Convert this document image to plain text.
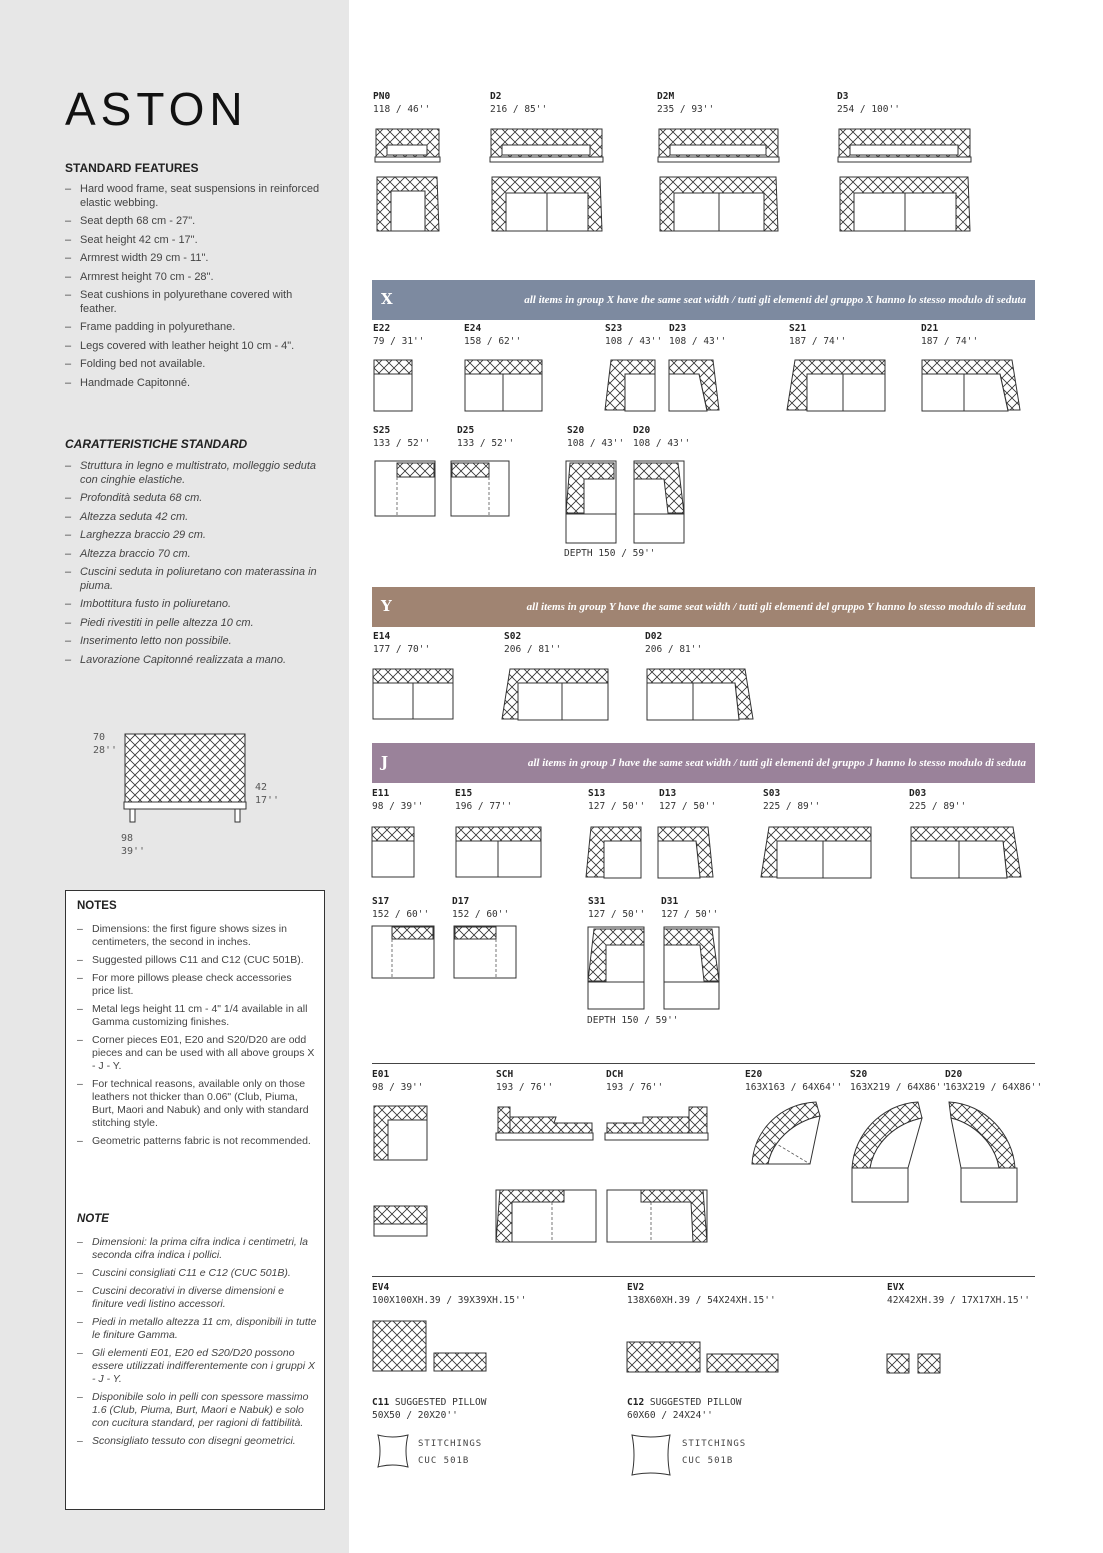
ASTON
STANDARD FEATURES
– Hard wood frame, seat suspensions in reinforced elastic webbing.
– Seat depth 68 cm - 27".
– Seat height 42 cm - 17".
– Armrest width 29 cm - 11".
– Armrest height 70 cm - 28".
– Seat cushions in polyurethane covered with feather.
– Frame padding in polyurethane.
– Legs covered with leather height 10 cm - 4".
– Folding bed not available.
– Handmade Capitonné.
CARATTERISTICHE STANDARD
– Struttura in legno e multistrato, molleggio seduta con cinghie elastiche.
– Profondità seduta 68 cm.
– Altezza seduta 42 cm.
– Larghezza braccio 29 cm.
– Altezza braccio 70 cm.
– Cuscini seduta in poliuretano con materassina in piuma.
– Imbottitura fusto in poliuretano.
– Piedi rivestiti in pelle altezza 10 cm.
– Inserimento letto non possibile.
– Lavorazione Capitonné realizzata a mano.
70
28''
42
17''
98
39''
NOTES
– Dimensions: the first figure shows sizes in centimeters, the second in inches.
– Suggested pillows C11 and C12 (CUC 501B).
– For more pillows please check accessories price list.
– Metal legs height 11 cm - 4" 1/4 available in all Gamma customizing finishes.
– Corner pieces E01, E20 and S20/D20 are odd pieces and can be used with all above groups X - J - Y.
– For technical reasons, available only on those leathers not thicker than 0.06" (Club, Piuma, Burt, Maori and Nabuk) and only with standard stitching style.
– Geometric patterns fabric is not recommended.
NOTE
– Dimensioni: la prima cifra indica i centimetri, la seconda cifra indica i pollici.
– Cuscini consigliati C11 e C12 (CUC 501B).
– Cuscini decorativi in diverse dimensioni e finiture vedi listino accessori.
– Piedi in metallo altezza 11 cm, disponibili in tutte le finiture Gamma.
– Gli elementi E01, E20 ed S20/D20 possono essere utilizzati indifferentemente con i gruppi X - J - Y.
– Disponibile solo in pelli con spessore massimo 1.6 (Club, Piuma, Burt, Maori e Nabuk) e solo con cucitura standard, per ragioni di fattibilità.
– Sconsigliato tessuto con disegni geometrici.
PN0
118 / 46''
D2
216 / 85''
D2M
235 / 93''
D3
254 / 100''
X	all items in group X have the same seat width / tutti gli elementi del gruppo X hanno lo stesso modulo di seduta
E22
79 / 31''
E24
158 / 62''
S23
108 / 43''
D23
108 / 43''
S21
187 / 74''
D21
187 / 74''
S25
133 / 52''
D25
133 / 52''
S20
108 / 43''
D20
108 / 43''
DEPTH 150 / 59''
Y	all items in group Y have the same seat width / tutti gli elementi del gruppo Y hanno lo stesso modulo di seduta
E14
177 / 70''
S02
206 / 81''
D02
206 / 81''
J	all items in group J have the same seat width / tutti gli elementi del gruppo J hanno lo stesso modulo di seduta
E11
98 / 39''
E15
196 / 77''
S13
127 / 50''
D13
127 / 50''
S03
225 / 89''
D03
225 / 89''
S17
152 / 60''
D17
152 / 60''
S31
127 / 50''
D31
127 / 50''
DEPTH 150 / 59''
E01
98 / 39''
SCH
193 / 76''
DCH
193 / 76''
E20
163X163 / 64X64''
S20
163X219 / 64X86''
D20
163X219 / 64X86''
EV4
100X100XH.39 / 39X39XH.15''
EV2
138X60XH.39 / 54X24XH.15''
EVX
42X42XH.39 / 17X17XH.15''
C11 SUGGESTED PILLOW
50X50 / 20X20''
C12 SUGGESTED PILLOW
60X60 / 24X24''
STITCHINGS
CUC 501B
STITCHINGS
CUC 501B
